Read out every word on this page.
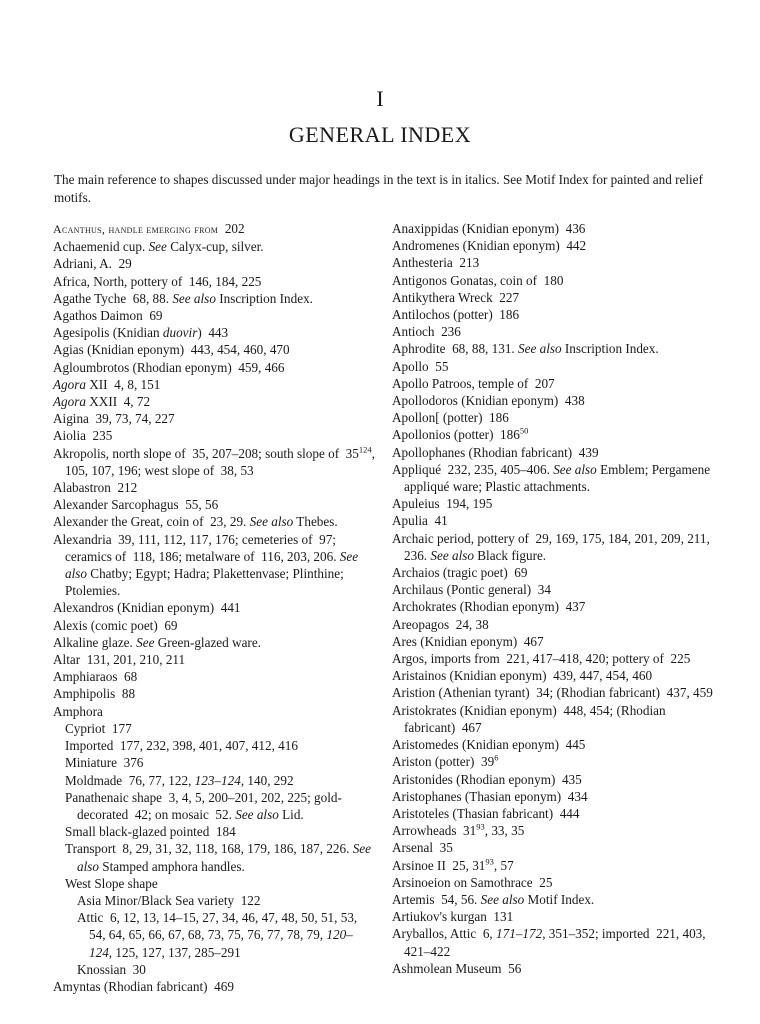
I
GENERAL INDEX

The main reference to shapes discussed under major headings in the text is in italics. See Motif Index for painted and relief motifs.

Acanthus, handle emerging from  202

Achaemenid cup. See Calyx-cup, silver.

Adriani, A.  29

Africa, North, pottery of  146, 184, 225

Agathe Tyche  68, 88. See also Inscription Index.

Agathos Daimon  69

Agesipolis (Knidian duovir)  443

Agias (Knidian eponym)  443, 454, 460, 470

Agloumbrotos (Rhodian eponym)  459, 466

Agora XII  4, 8, 151

Agora XXII  4, 72

Aigina  39, 73, 74, 227

Aiolia  235

Akropolis, north slope of  35, 207–208; south slope of  $35^{124}$, 105, 107, 196; west slope of  38, 53

Alabastron  212

Alexander Sarcophagus  55, 56

Alexander the Great, coin of  23, 29. See also Thebes.

Alexandria  39, 111, 112, 117, 176; cemeteries of  97; ceramics of  118, 186; metalware of  116, 203, 206. See also Chatby; Egypt; Hadra; Plakettenvase; Plinthine; Ptolemies.

Alexandros (Knidian eponym)  441

Alexis (comic poet)  69

Alkaline glaze. See Green-glazed ware.

Altar  131, 201, 210, 211

Amphiaraos  68

Amphipolis  88

Amphora

Cypriot  177

Imported  177, 232, 398, 401, 407, 412, 416

Miniature  376

Moldmade  76, 77, 122, 123–124, 140, 292

Panathenaic shape  3, 4, 5, 200–201, 202, 225; gold-decorated  42; on mosaic  52. See also Lid.

Small black-glazed pointed  184

Transport  8, 29, 31, 32, 118, 168, 179, 186, 187, 226. See also Stamped amphora handles.

West Slope shape

Asia Minor/Black Sea variety  122

Attic  6, 12, 13, 14–15, 27, 34, 46, 47, 48, 50, 51, 53, 54, 64, 65, 66, 67, 68, 73, 75, 76, 77, 78, 79, 120–124, 125, 127, 137, 285–291

Knossian  30

Amyntas (Rhodian fabricant)  469

Anaxippidas (Knidian eponym)  436

Andromenes (Knidian eponym)  442

Anthesteria  213

Antigonos Gonatas, coin of  180

Antikythera Wreck  227

Antilochos (potter)  186

Antioch  236

Aphrodite  68, 88, 131. See also Inscription Index.

Apollo  55

Apollo Patroos, temple of  207

Apollodoros (Knidian eponym)  438

Apollon[ (potter)  186

Apollonios (potter)  $186^{50}$

Apollophanes (Rhodian fabricant)  439

Appliqué  232, 235, 405–406. See also Emblem; Pergamene appliqué ware; Plastic attachments.

Apuleius  194, 195

Apulia  41

Archaic period, pottery of  29, 169, 175, 184, 201, 209, 211, 236. See also Black figure.

Archaios (tragic poet)  69

Archilaus (Pontic general)  34

Archokrates (Rhodian eponym)  437

Areopagos  24, 38

Ares (Knidian eponym)  467

Argos, imports from  221, 417–418, 420; pottery of  225

Aristainos (Knidian eponym)  439, 447, 454, 460

Aristion (Athenian tyrant)  34; (Rhodian fabricant)  437, 459

Aristokrates (Knidian eponym)  448, 454; (Rhodian fabricant)  467

Aristomedes (Knidian eponym)  445

Ariston (potter)  $39^6$

Aristonides (Rhodian eponym)  435

Aristophanes (Thasian eponym)  434

Aristoteles (Thasian fabricant)  444

Arrowheads  $31^{93}$, 33, 35

Arsenal  35

Arsinoe II  25, $31^{93}$, 57

Arsinoeion on Samothrace  25

Artemis  54, 56. See also Motif Index.

Artiukov's kurgan  131

Aryballos, Attic  6, 171–172, 351–352; imported  221, 403, 421–422

Ashmolean Museum  56
